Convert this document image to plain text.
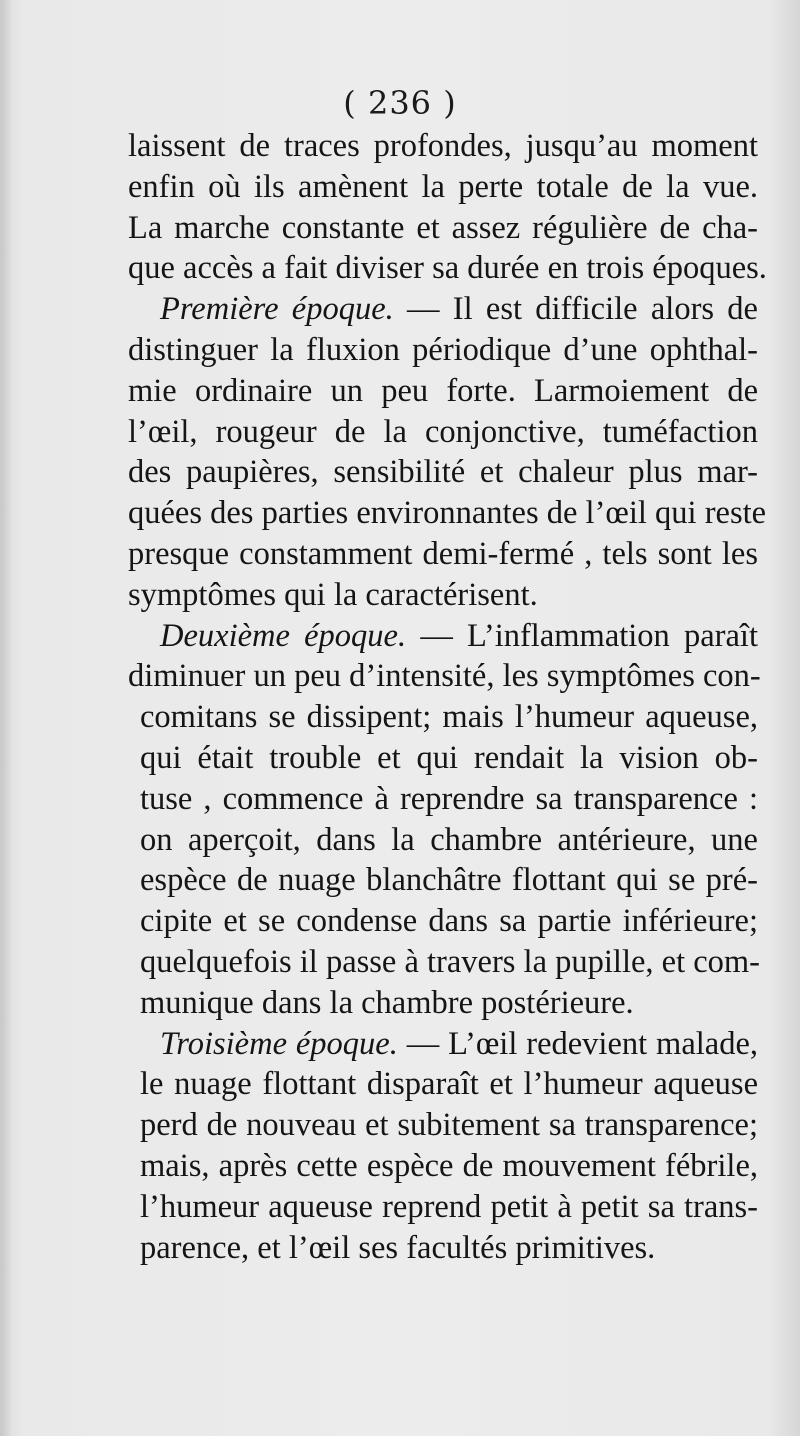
( 236 )
laissent de traces profondes, jusqu’au moment
enfin où ils amènent la perte totale de la vue.
La marche constante et assez régulière de cha-
que accès a fait diviser sa durée en trois époques.
Première époque. — Il est difficile alors de
distinguer la fluxion périodique d’une ophthal-
mie ordinaire un peu forte. Larmoiement de
l’œil, rougeur de la conjonctive, tuméfaction
des paupières, sensibilité et chaleur plus mar-
quées des parties environnantes de l’œil qui reste
presque constamment demi-fermé , tels sont les
symptômes qui la caractérisent.
Deuxième époque. — L’inflammation paraît
diminuer un peu d’intensité, les symptômes con-
comitans se dissipent; mais l’humeur aqueuse,
qui était trouble et qui rendait la vision ob-
tuse , commence à reprendre sa transparence :
on aperçoit, dans la chambre antérieure, une
espèce de nuage blanchâtre flottant qui se pré-
cipite et se condense dans sa partie inférieure;
quelquefois il passe à travers la pupille, et com-
munique dans la chambre postérieure.
Troisième époque. — L’œil redevient malade,
le nuage flottant disparaît et l’humeur aqueuse
perd de nouveau et subitement sa transparence;
mais, après cette espèce de mouvement fébrile,
l’humeur aqueuse reprend petit à petit sa trans-
parence, et l’œil ses facultés primitives.
